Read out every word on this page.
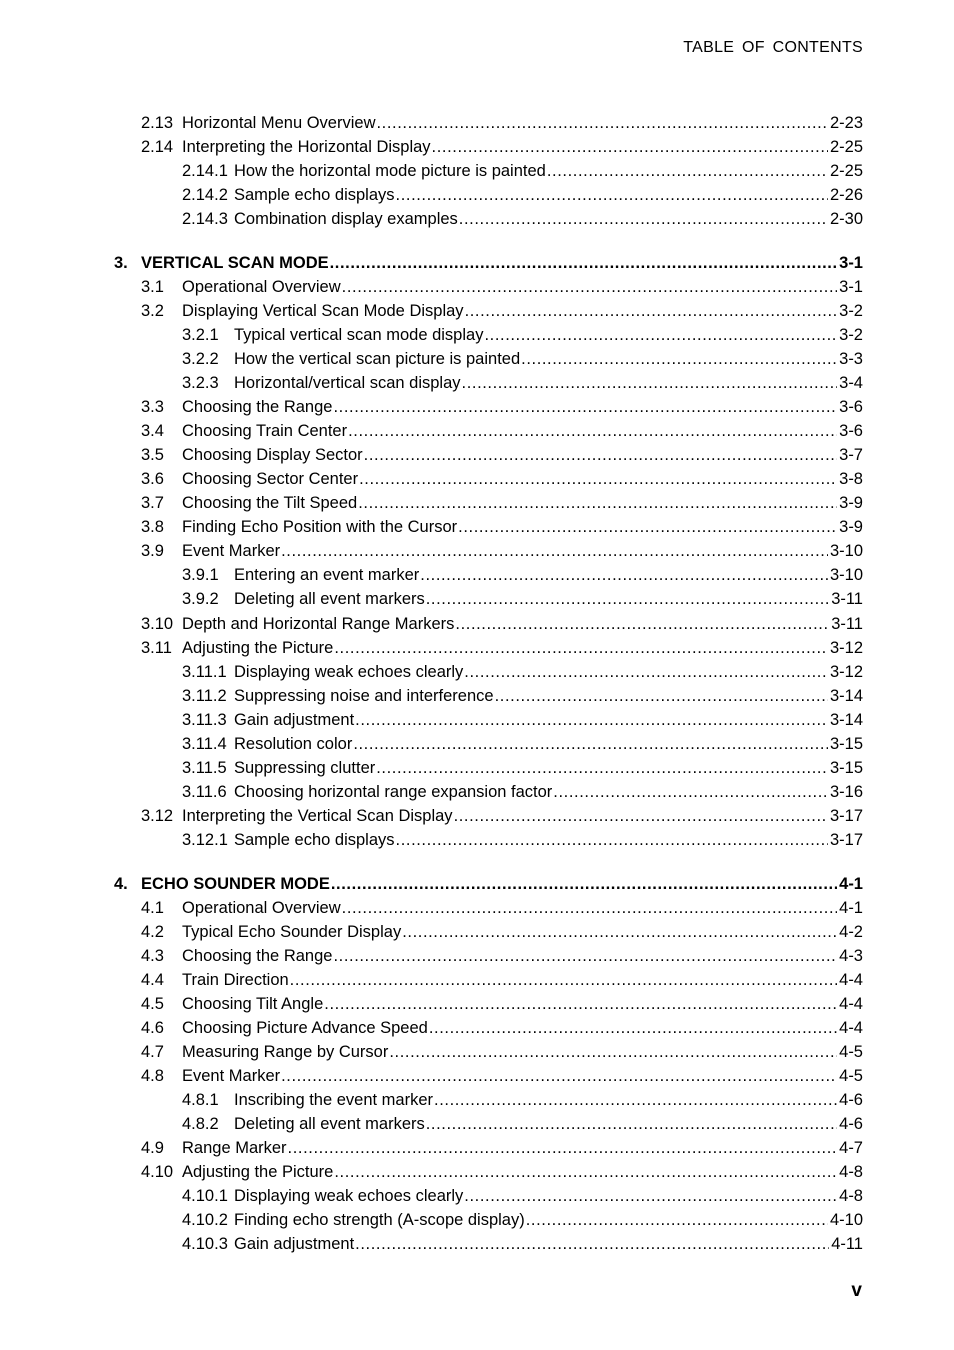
TABLE OF CONTENTS
2.13 Horizontal Menu Overview .....	2-23
2.14 Interpreting the Horizontal Display .....	2-25
2.14.1 How the horizontal mode picture is painted .....	2-25
2.14.2 Sample echo displays .....	2-26
2.14.3 Combination display examples .....	2-30
3. VERTICAL SCAN MODE .....	3-1
3.1	Operational Overview .....	3-1
3.2	Displaying Vertical Scan Mode Display .....	3-2
3.2.1 Typical vertical scan mode display .....	3-2
3.2.2 How the vertical scan picture is painted .....	3-3
3.2.3 Horizontal/vertical scan display .....	3-4
3.3	Choosing the Range .....	3-6
3.4	Choosing Train Center .....	3-6
3.5	Choosing Display Sector .....	3-7
3.6	Choosing Sector Center .....	3-8
3.7	Choosing the Tilt Speed .....	3-9
3.8	Finding Echo Position with the Cursor .....	3-9
3.9	Event Marker .....	3-10
3.9.1 Entering an event marker .....	3-10
3.9.2 Deleting all event markers .....	3-11
3.10 Depth and Horizontal Range Markers .....	3-11
3.11 Adjusting the Picture .....	3-12
3.11.1 Displaying weak echoes clearly .....	3-12
3.11.2 Suppressing noise and interference .....	3-14
3.11.3 Gain adjustment .....	3-14
3.11.4 Resolution color .....	3-15
3.11.5 Suppressing clutter .....	3-15
3.11.6 Choosing horizontal range expansion factor .....	3-16
3.12 Interpreting the Vertical Scan Display .....	3-17
3.12.1 Sample echo displays .....	3-17
4. ECHO SOUNDER MODE .....	4-1
4.1	Operational Overview .....	4-1
4.2	Typical Echo Sounder Display .....	4-2
4.3	Choosing the Range .....	4-3
4.4	Train Direction .....	4-4
4.5	Choosing Tilt Angle .....	4-4
4.6	Choosing Picture Advance Speed .....	4-4
4.7	Measuring Range by Cursor .....	4-5
4.8	Event Marker .....	4-5
4.8.1 Inscribing the event marker .....	4-6
4.8.2 Deleting all event markers .....	4-6
4.9	Range Marker .....	4-7
4.10 Adjusting the Picture .....	4-8
4.10.1 Displaying weak echoes clearly .....	4-8
4.10.2 Finding echo strength (A-scope display) .....	4-10
4.10.3 Gain adjustment .....	4-11
v
